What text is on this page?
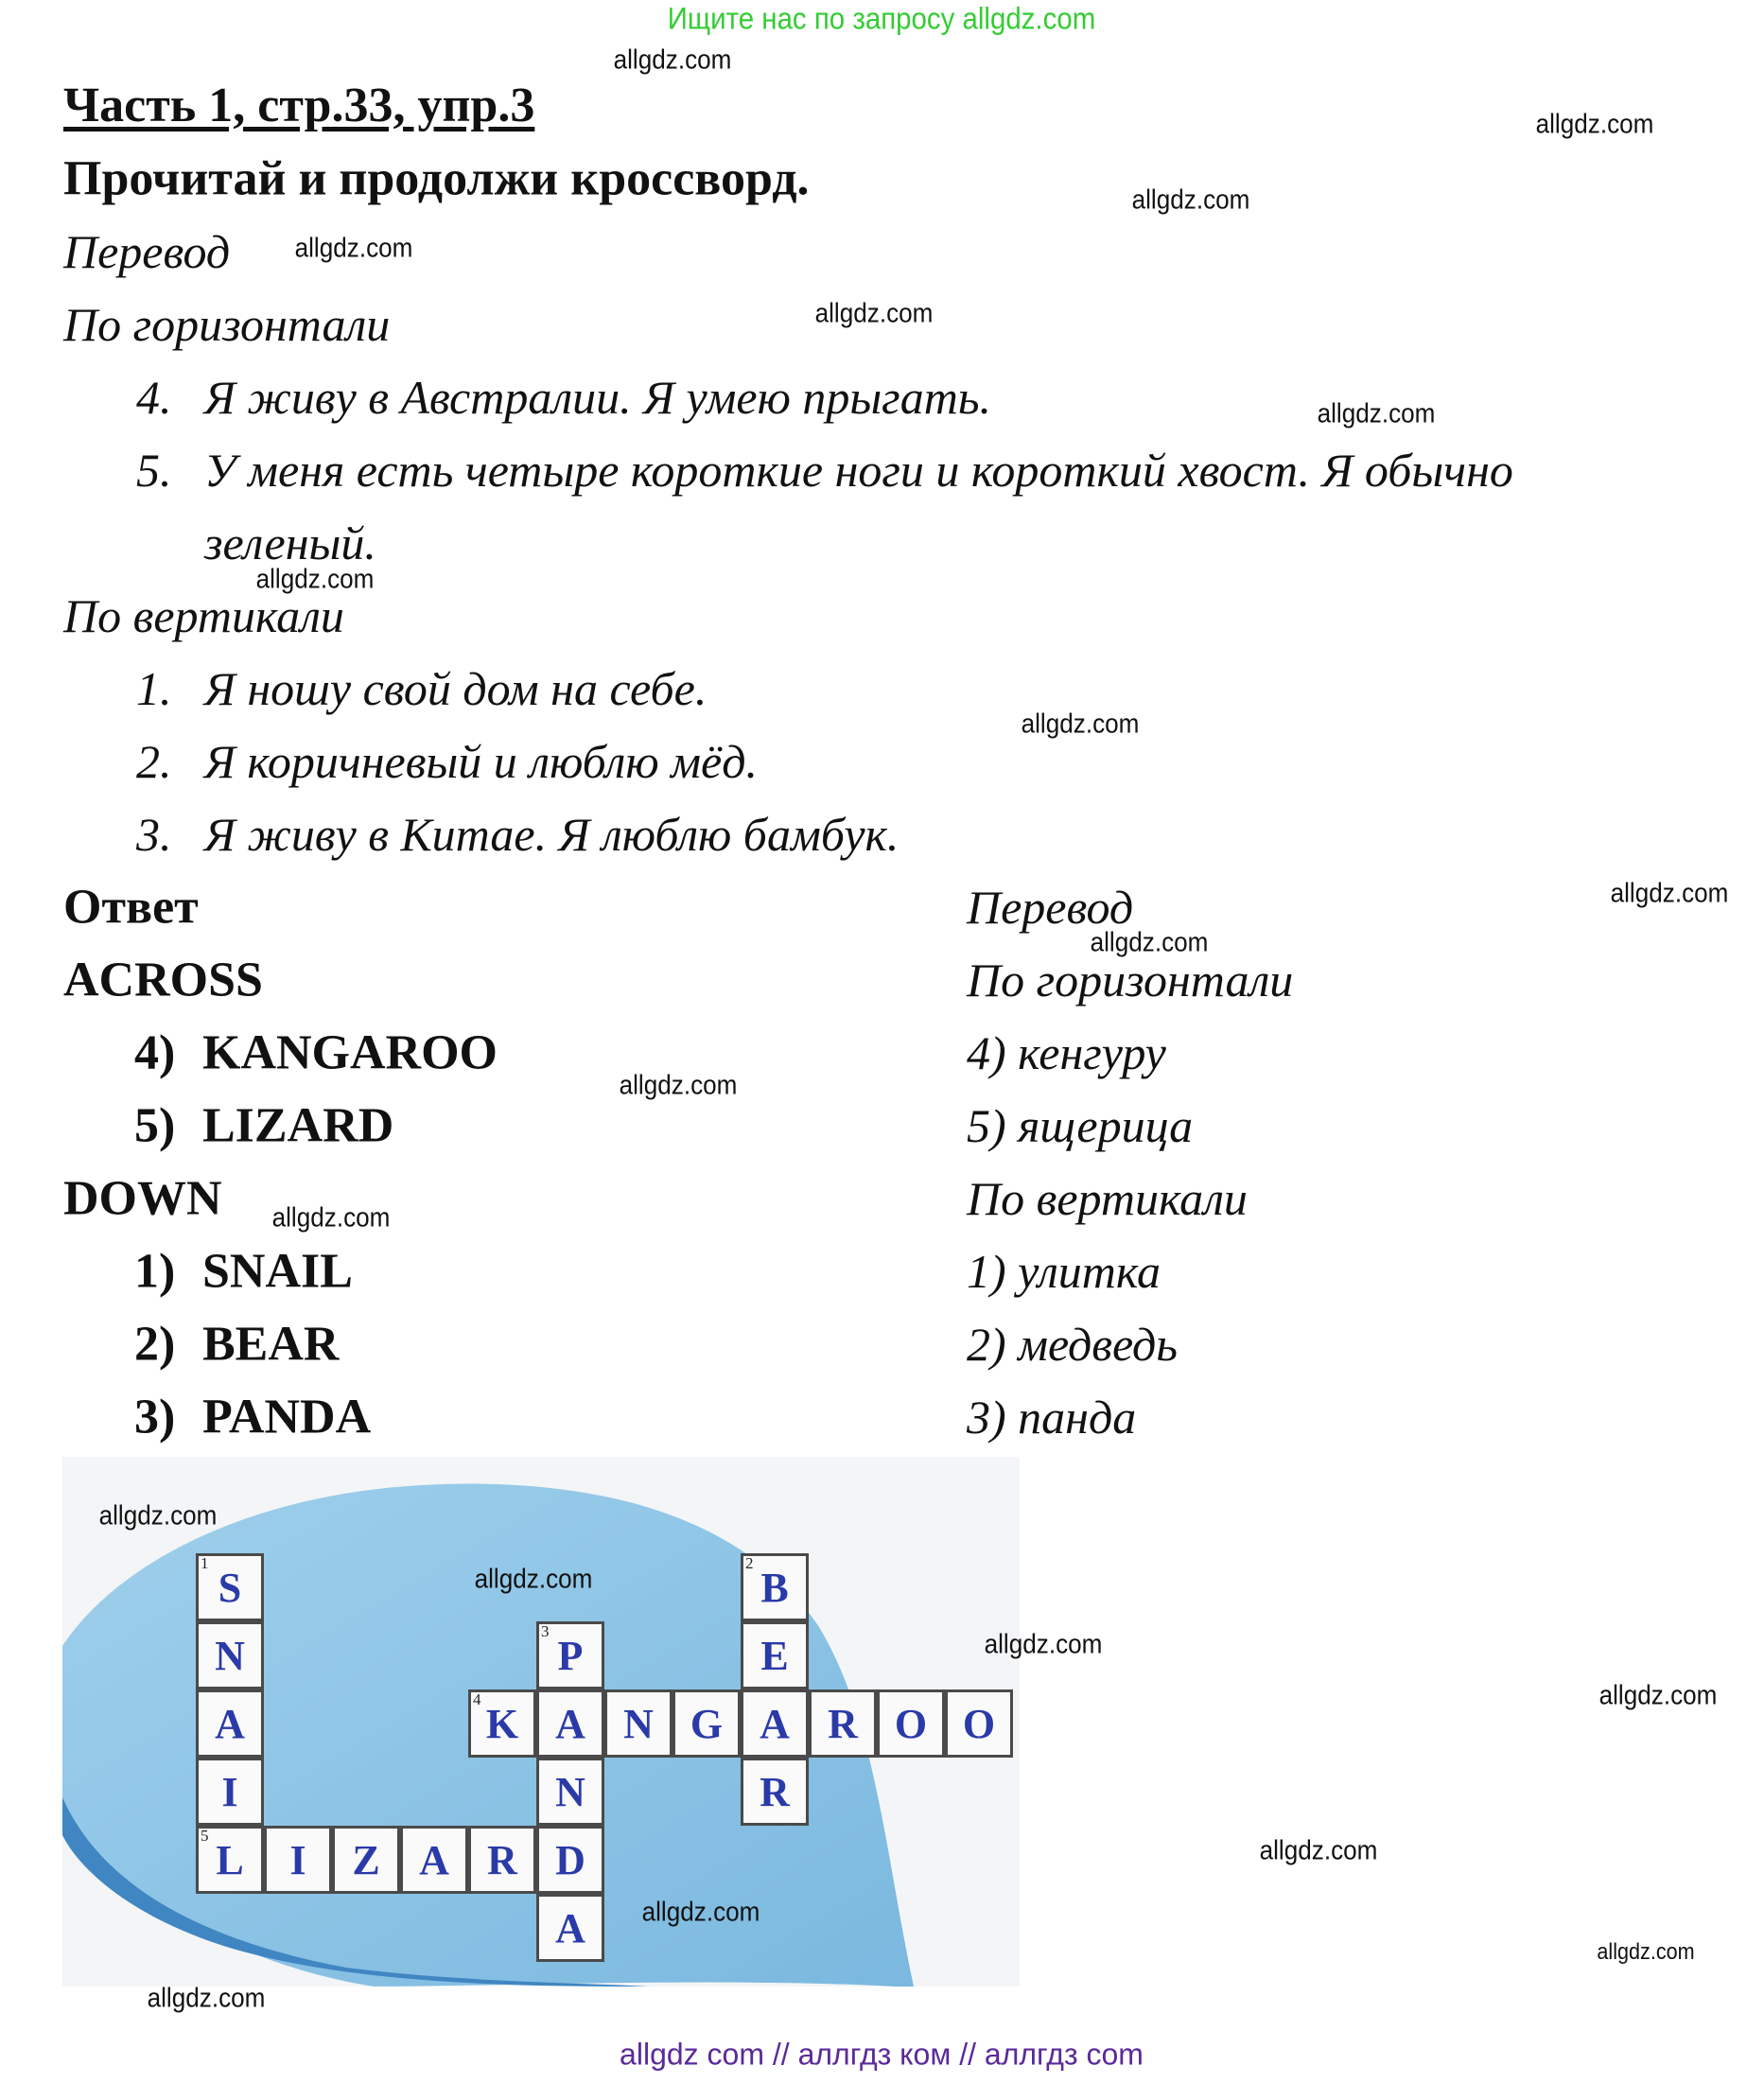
Ищите нас по запросу allgdz.com
Часть 1, стр.33, упр.3
Прочитай и продолжи кроссворд.
Перевод
По горизонтали
4. Я живу в Австралии. Я умею прыгать.
5. У меня есть четыре короткие ноги и короткий хвост. Я обычно
зеленый.
По вертикали
1. Я ношу свой дом на себе.
2. Я коричневый и люблю мёд.
3. Я живу в Китае. Я люблю бамбук.
Ответ
ACROSS
4) KANGAROO
5) LIZARD
DOWN
1) SNAIL
2) BEAR
3) PANDA
Перевод
По горизонтали
4) кенгуру
5) ящерица
По вертикали
1) улитка
2) медведь
3) панда
S
1
N
A
I
L
5
B
2
E
A
R
P
3
A
N
D
A
K
4
N G	R O O
I Z A R
allgdz.com
allgdz.com
allgdz.com
allgdz.com
allgdz.com
allgdz.com
allgdz.com
allgdz.com
allgdz.com
allgdz.com
allgdz.com
allgdz.com
allgdz.com
allgdz.com
allgdz.com
allgdz.com
allgdz.com
allgdz.com
allgdz.com
allgdz.com
allgdz com // аллгдз ком // аллгдз com
